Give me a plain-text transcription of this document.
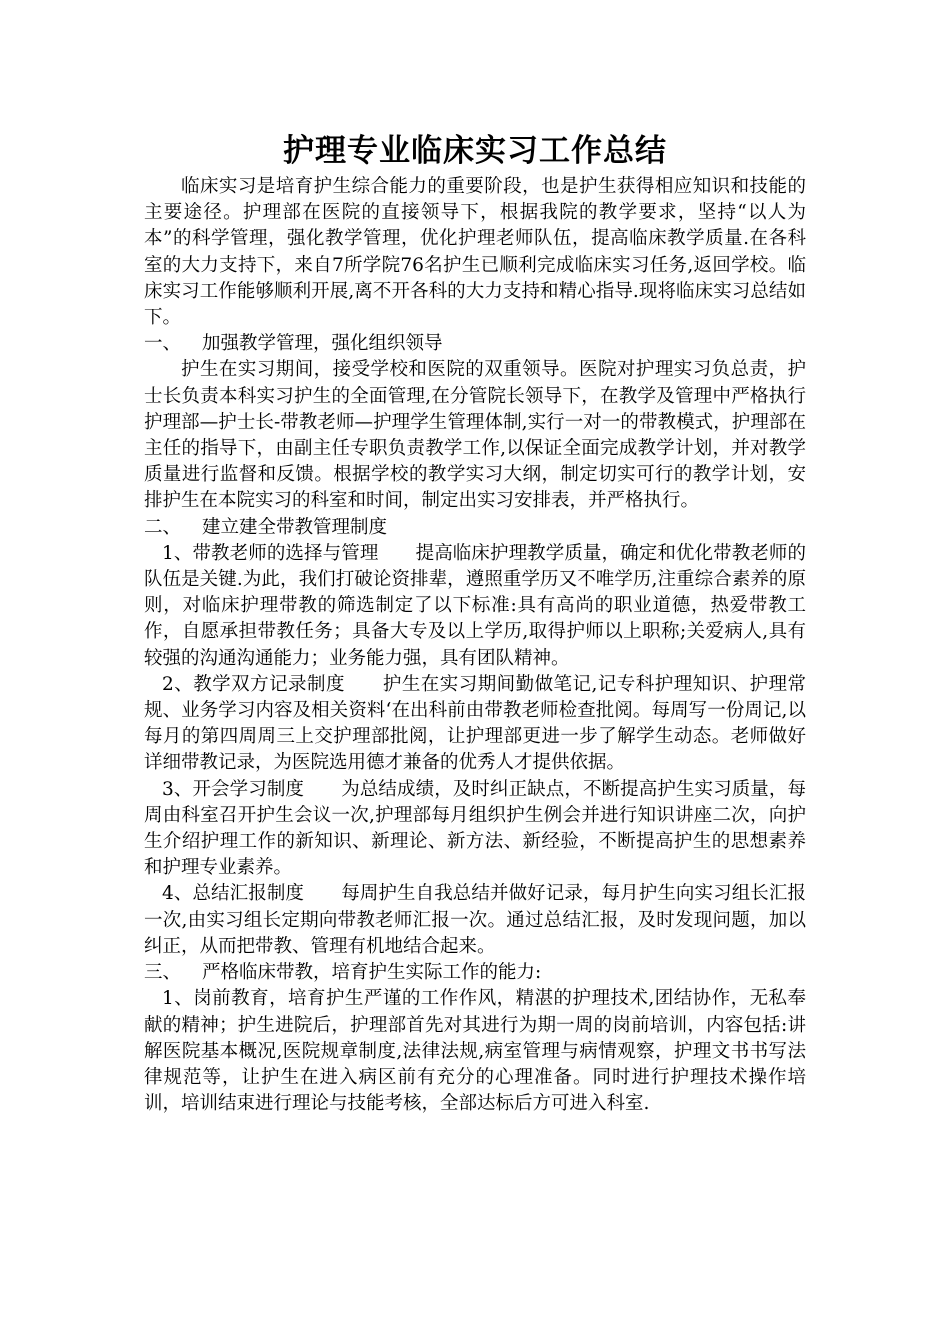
护理专业临床实习工作总结

临床实习是培育护生综合能力的重要阶段，也是护生获得相应知识和技能的主要途径。护理部在医院的直接领导下，根据我院的教学要求，坚持“以人为本”的科学管理，强化教学管理，优化护理老师队伍，提高临床教学质量.在各科室的大力支持下，来自7所学院76名护生已顺利完成临床实习任务,返回学校。临床实习工作能够顺利开展,离不开各科的大力支持和精心指导.现将临床实习总结如下。

一、 加强教学管理，强化组织领导

护生在实习期间，接受学校和医院的双重领导。医院对护理实习负总责，护士长负责本科实习护生的全面管理,在分管院长领导下，在教学及管理中严格执行护理部—护士长-带教老师—护理学生管理体制,实行一对一的带教模式，护理部在主任的指导下，由副主任专职负责教学工作,以保证全面完成教学计划，并对教学质量进行监督和反馈。根据学校的教学实习大纲，制定切实可行的教学计划，安排护生在本院实习的科室和时间，制定出实习安排表，并严格执行。

二、 建立建全带教管理制度

1、带教老师的选择与管理　　提高临床护理教学质量，确定和优化带教老师的队伍是关键.为此，我们打破论资排辈，遵照重学历又不唯学历,注重综合素养的原则，对临床护理带教的筛选制定了以下标准:具有高尚的职业道德，热爱带教工作，自愿承担带教任务；具备大专及以上学历,取得护师以上职称;关爱病人,具有较强的沟通沟通能力；业务能力强，具有团队精神。

2、教学双方记录制度　　护生在实习期间勤做笔记,记专科护理知识、护理常规、业务学习内容及相关资料‘在出科前由带教老师检查批阅。每周写一份周记,以每月的第四周周三上交护理部批阅，让护理部更进一步了解学生动态。老师做好详细带教记录，为医院选用德才兼备的优秀人才提供依据。

3、开会学习制度　　为总结成绩，及时纠正缺点，不断提高护生实习质量，每周由科室召开护生会议一次,护理部每月组织护生例会并进行知识讲座二次，向护生介绍护理工作的新知识、新理论、新方法、新经验，不断提高护生的思想素养和护理专业素养。

4、总结汇报制度　　每周护生自我总结并做好记录，每月护生向实习组长汇报一次,由实习组长定期向带教老师汇报一次。通过总结汇报，及时发现问题，加以纠正，从而把带教、管理有机地结合起来。

三、 严格临床带教，培育护生实际工作的能力:

1、岗前教育，培育护生严谨的工作作风，精湛的护理技术,团结协作，无私奉献的精神；护生进院后，护理部首先对其进行为期一周的岗前培训，内容包括:讲解医院基本概况,医院规章制度,法律法规,病室管理与病情观察，护理文书书写法律规范等，让护生在进入病区前有充分的心理准备。同时进行护理技术操作培训，培训结束进行理论与技能考核，全部达标后方可进入科室.
